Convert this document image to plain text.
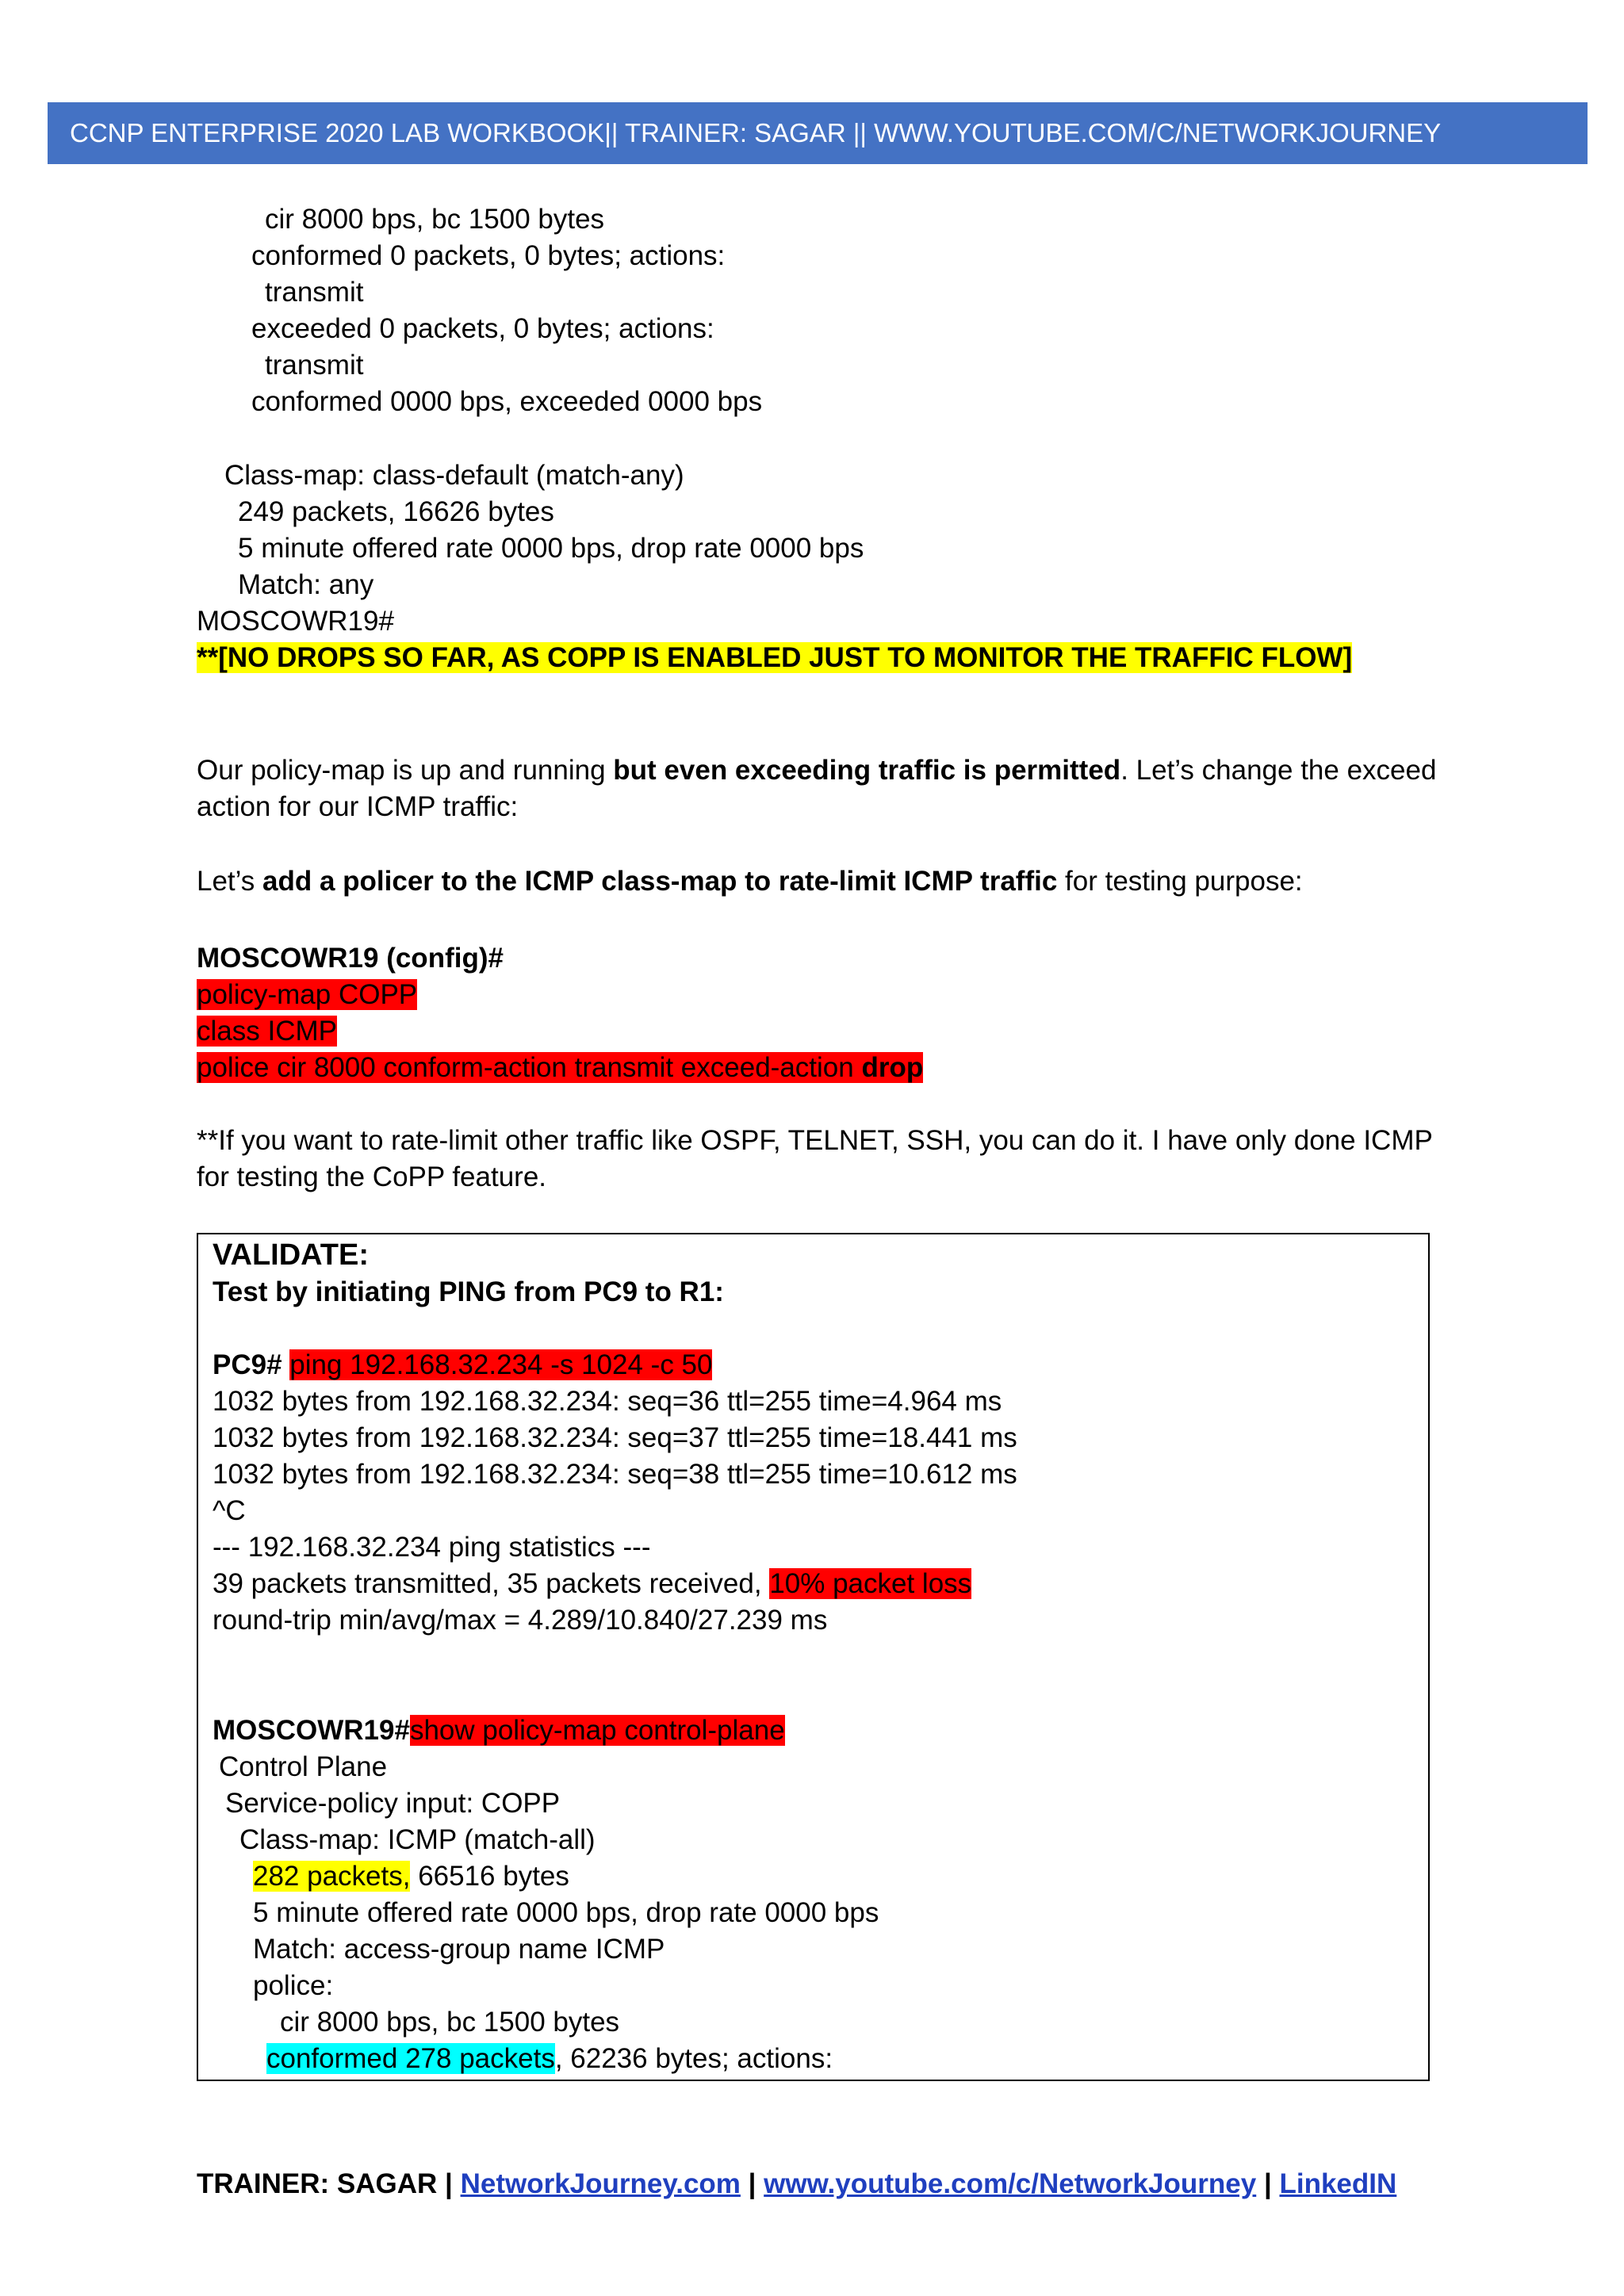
CCNP ENTERPRISE 2020 LAB WORKBOOK|| TRAINER: SAGAR || WWW.YOUTUBE.COM/C/NETWORKJOURNEY
cir 8000 bps, bc 1500 bytes
conformed 0 packets, 0 bytes; actions:
transmit
exceeded 0 packets, 0 bytes; actions:
transmit
conformed 0000 bps, exceeded 0000 bps
Class-map: class-default (match-any)
249 packets, 16626 bytes
5 minute offered rate 0000 bps, drop rate 0000 bps
Match: any
MOSCOWR19#
**[NO DROPS SO FAR, AS COPP IS ENABLED JUST TO MONITOR THE TRAFFIC FLOW]
Our policy-map is up and running but even exceeding traffic is permitted. Let’s change the exceed
action for our ICMP traffic:
Let’s add a policer to the ICMP class-map to rate-limit ICMP traffic for testing purpose:
MOSCOWR19 (config)#
policy-map COPP
class ICMP
police cir 8000 conform-action transmit exceed-action drop
**If you want to rate-limit other traffic like OSPF, TELNET, SSH, you can do it. I have only done ICMP
for testing the CoPP feature.
VALIDATE:
Test by initiating PING from PC9 to R1:
PC9# ping 192.168.32.234 -s 1024 -c 50
1032 bytes from 192.168.32.234: seq=36 ttl=255 time=4.964 ms
1032 bytes from 192.168.32.234: seq=37 ttl=255 time=18.441 ms
1032 bytes from 192.168.32.234: seq=38 ttl=255 time=10.612 ms
^C
--- 192.168.32.234 ping statistics ---
39 packets transmitted, 35 packets received, 10% packet loss
round-trip min/avg/max = 4.289/10.840/27.239 ms
MOSCOWR19#show policy-map control-plane
Control Plane
Service-policy input: COPP
Class-map: ICMP (match-all)
282 packets, 66516 bytes
5 minute offered rate 0000 bps, drop rate 0000 bps
Match: access-group name ICMP
police:
cir 8000 bps, bc 1500 bytes
conformed 278 packets, 62236 bytes; actions:
TRAINER: SAGAR | NetworkJourney.com | www.youtube.com/c/NetworkJourney | LinkedIN
